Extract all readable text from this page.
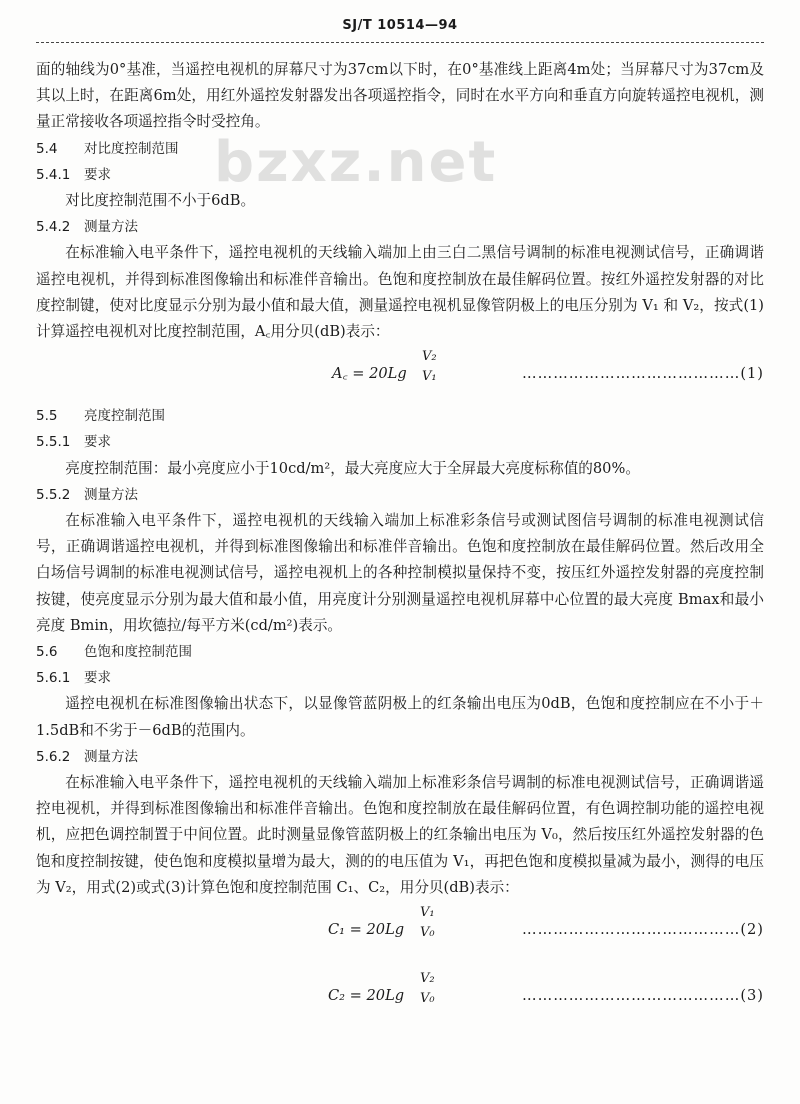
SJ/T 10514—94
bzxz.net

面的轴线为0°基准，当遥控电视机的屏幕尺寸为37cm以下时，在0°基准线上距离4m处；当屏幕尺寸为37cm及其以上时，在距离6m处，用红外遥控发射器发出各项遥控指令，同时在水平方向和垂直方向旋转遥控电视机，测量正常接收各项遥控指令时受控角。

5.4 对比度控制范围

5.4.1 要求

对比度控制范围不小于6dB。

5.4.2 测量方法

在标准输入电平条件下，遥控电视机的天线输入端加上由三白二黑信号调制的标准电视测试信号，正确调谐遥控电视机，并得到标准图像输出和标准伴音输出。色饱和度控制放在最佳解码位置。按红外遥控发射器的对比度控制键，使对比度显示分别为最小值和最大值，测量遥控电视机显像管阴极上的电压分别为 V₁ 和 V₂，按式(1)计算遥控电视机对比度控制范围，A꜀用分贝(dB)表示：

A꜀ = 20Lg
V₂
V₁	……………………………………(1)

5.5 亮度控制范围

5.5.1 要求

亮度控制范围：最小亮度应小于10cd/m²，最大亮度应大于全屏最大亮度标称值的80%。

5.5.2 测量方法

在标准输入电平条件下，遥控电视机的天线输入端加上标准彩条信号或测试图信号调制的标准电视测试信号，正确调谐遥控电视机，并得到标准图像输出和标准伴音输出。色饱和度控制放在最佳解码位置。然后改用全白场信号调制的标准电视测试信号，遥控电视机上的各种控制模拟量保持不变，按压红外遥控发射器的亮度控制按键，使亮度显示分别为最大值和最小值，用亮度计分别测量遥控电视机屏幕中心位置的最大亮度 Bmax和最小亮度 Bmin，用坎德拉/每平方米(cd/m²)表示。

5.6 色饱和度控制范围

5.6.1 要求

遥控电视机在标准图像输出状态下，以显像管蓝阴极上的红条输出电压为0dB，色饱和度控制应在不小于＋1.5dB和不劣于－6dB的范围内。

5.6.2 测量方法

在标准输入电平条件下，遥控电视机的天线输入端加上标准彩条信号调制的标准电视测试信号，正确调谐遥控电视机，并得到标准图像输出和标准伴音输出。色饱和度控制放在最佳解码位置，有色调控制功能的遥控电视机，应把色调控制置于中间位置。此时测量显像管蓝阴极上的红条输出电压为 V₀，然后按压红外遥控发射器的色饱和度控制按键，使色饱和度模拟量增为最大，测的的电压值为 V₁，再把色饱和度模拟量减为最小，测得的电压为 V₂，用式(2)或式(3)计算色饱和度控制范围 C₁、C₂，用分贝(dB)表示：

C₁ = 20Lg
V₁
V₀	……………………………………(2)
C₂ = 20Lg
V₂
V₀	……………………………………(3)
